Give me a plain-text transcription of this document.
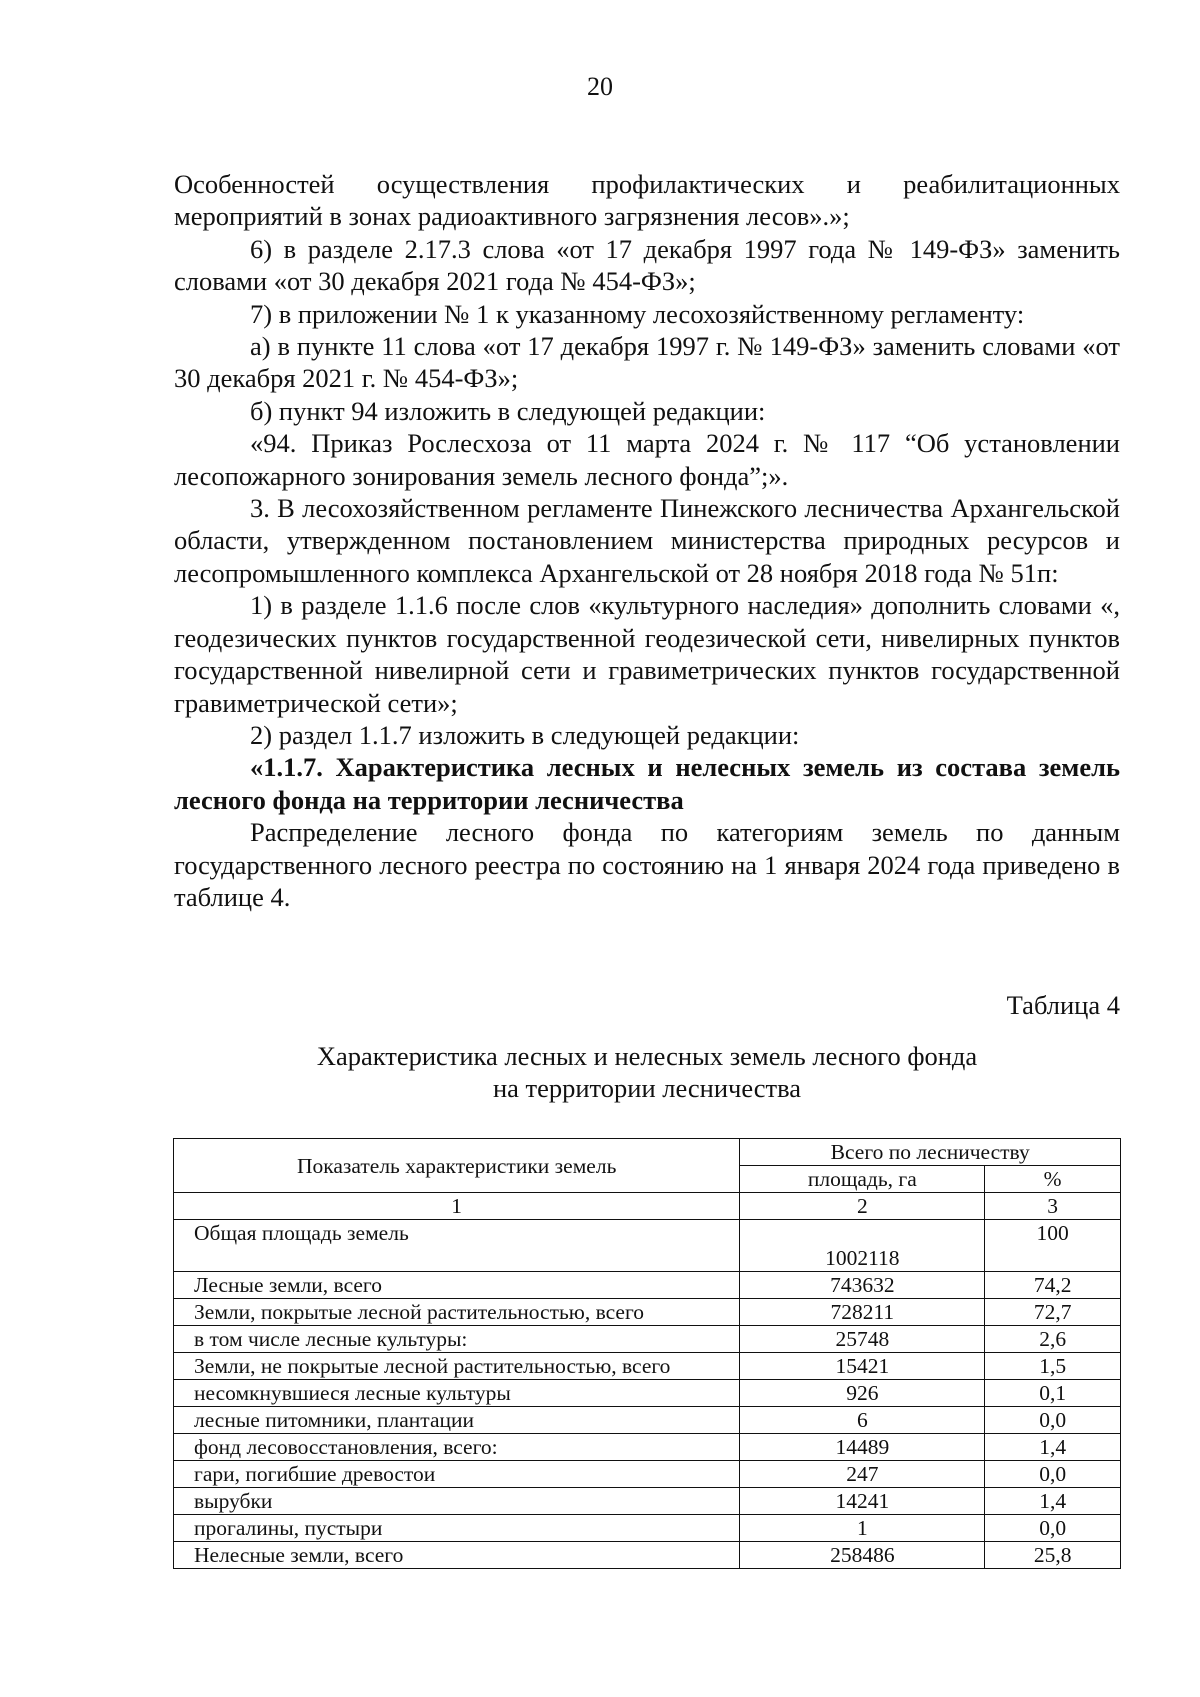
20

Особенностей осуществления профилактических и реабилитационных мероприятий в зонах радиоактивного загрязнения лесов».»;

6) в разделе 2.17.3 слова «от 17 декабря 1997 года № 149-ФЗ» заменить словами «от 30 декабря 2021 года № 454-ФЗ»;

7) в приложении № 1 к указанному лесохозяйственному регламенту:

а) в пункте 11 слова «от 17 декабря 1997 г. № 149-ФЗ» заменить словами «от 30 декабря 2021 г. № 454-ФЗ»;

б) пункт 94 изложить в следующей редакции:

«94. Приказ Рослесхоза от 11 марта 2024 г. № 117 “Об установлении лесопожарного зонирования земель лесного фонда”;».

3. В лесохозяйственном регламенте Пинежского лесничества Архангельской области, утвержденном постановлением министерства природных ресурсов и лесопромышленного комплекса Архангельской от 28 ноября 2018 года № 51п:

1) в разделе 1.1.6 после слов «культурного наследия» дополнить словами «, геодезических пунктов государственной геодезической сети, нивелирных пунктов государственной нивелирной сети и гравиметрических пунктов государственной гравиметрической сети»;

2) раздел 1.1.7 изложить в следующей редакции:

«1.1.7. Характеристика лесных и нелесных земель из состава земель лесного фонда на территории лесничества

Распределение лесного фонда по категориям земель по данным государственного лесного реестра по состоянию на 1 января 2024 года приведено в таблице 4.

Таблица 4
Характеристика лесных и нелесных земель лесного фонда
на территории лесничества
Показатель характеристики земель	Всего по лесничеству	
	площадь, га	%
1	2	3
Общая площадь земель	1002118	100
Лесные земли, всего	743632	74,2
Земли, покрытые лесной растительностью, всего	728211	72,7
в том числе лесные культуры:	25748	2,6
Земли, не покрытые лесной растительностью, всего	15421	1,5
несомкнувшиеся лесные культуры	926	0,1
лесные питомники, плантации	6	0,0
фонд лесовосстановления, всего:	14489	1,4
гари, погибшие древостои	247	0,0
вырубки	14241	1,4
прогалины, пустыри	1	0,0
Нелесные земли, всего	258486	25,8
